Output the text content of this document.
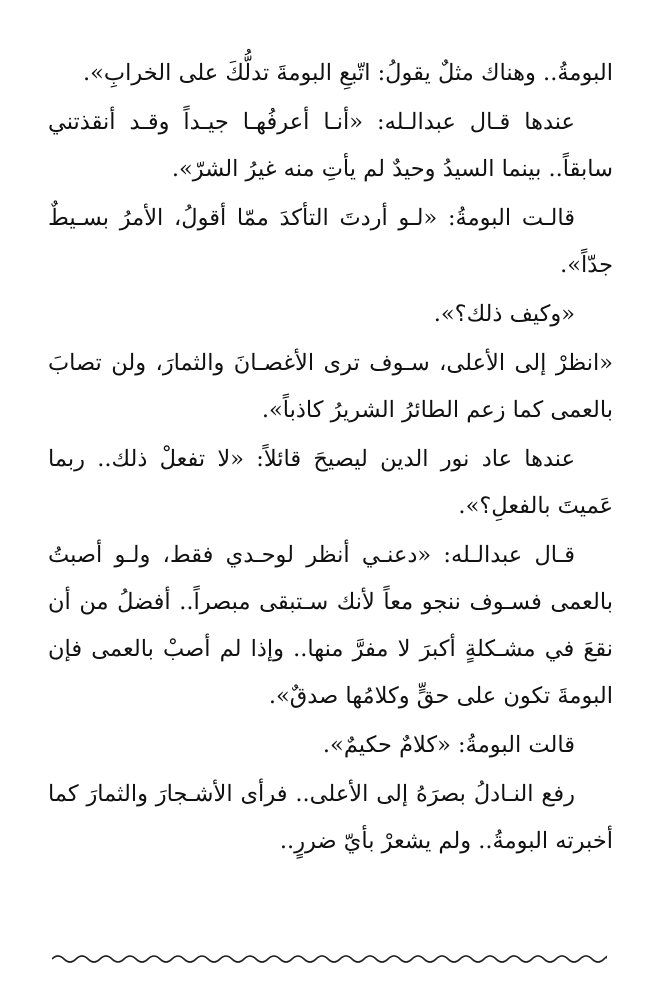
البومةُ.. وهناك مثلٌ يقولُ: اتّبعِ البومةَ تدلُّكَ على الخرابِ».

عندها قـال عبدالـله: «أنـا أعرفُهـا جيـداً وقـد أنقذتني سابقاً.. بينما السيدُ وحيدٌ لم يأتِ منه غيرُ الشرّ».

قالـت البومةُ: «لـو أردتَ التأكدَ ممّا أقولُ، الأمرُ بسـيطٌ جدّاً».

«وكيف ذلك؟».

«انظرْ إلى الأعلى، سـوف ترى الأغصـانَ والثمارَ، ولن تصابَ بالعمى كما زعم الطائرُ الشريرُ كاذباً».

عندها عاد نور الدين ليصيحَ قائلاً: «لا تفعلْ ذلك.. ربما عَميتَ بالفعلِ؟».

قـال عبدالـله: «دعنـي أنظر لوحـدي فقط، ولـو أصبتُ بالعمى فسـوف ننجو معاً لأنك سـتبقى مبصراً.. أفضلُ من أن نقعَ في مشـكلةٍ أكبرَ لا مفرَّ منها.. وإذا لم أصبْ بالعمى فإن البومةَ تكون على حقٍّ وكلامُها صدقٌ».

قالت البومةُ: «كلامٌ حكيمٌ».

رفع النـادلُ بصرَهُ إلى الأعلى.. فرأى الأشـجارَ والثمارَ كما أخبرته البومةُ.. ولم يشعرْ بأيّ ضررٍ..
